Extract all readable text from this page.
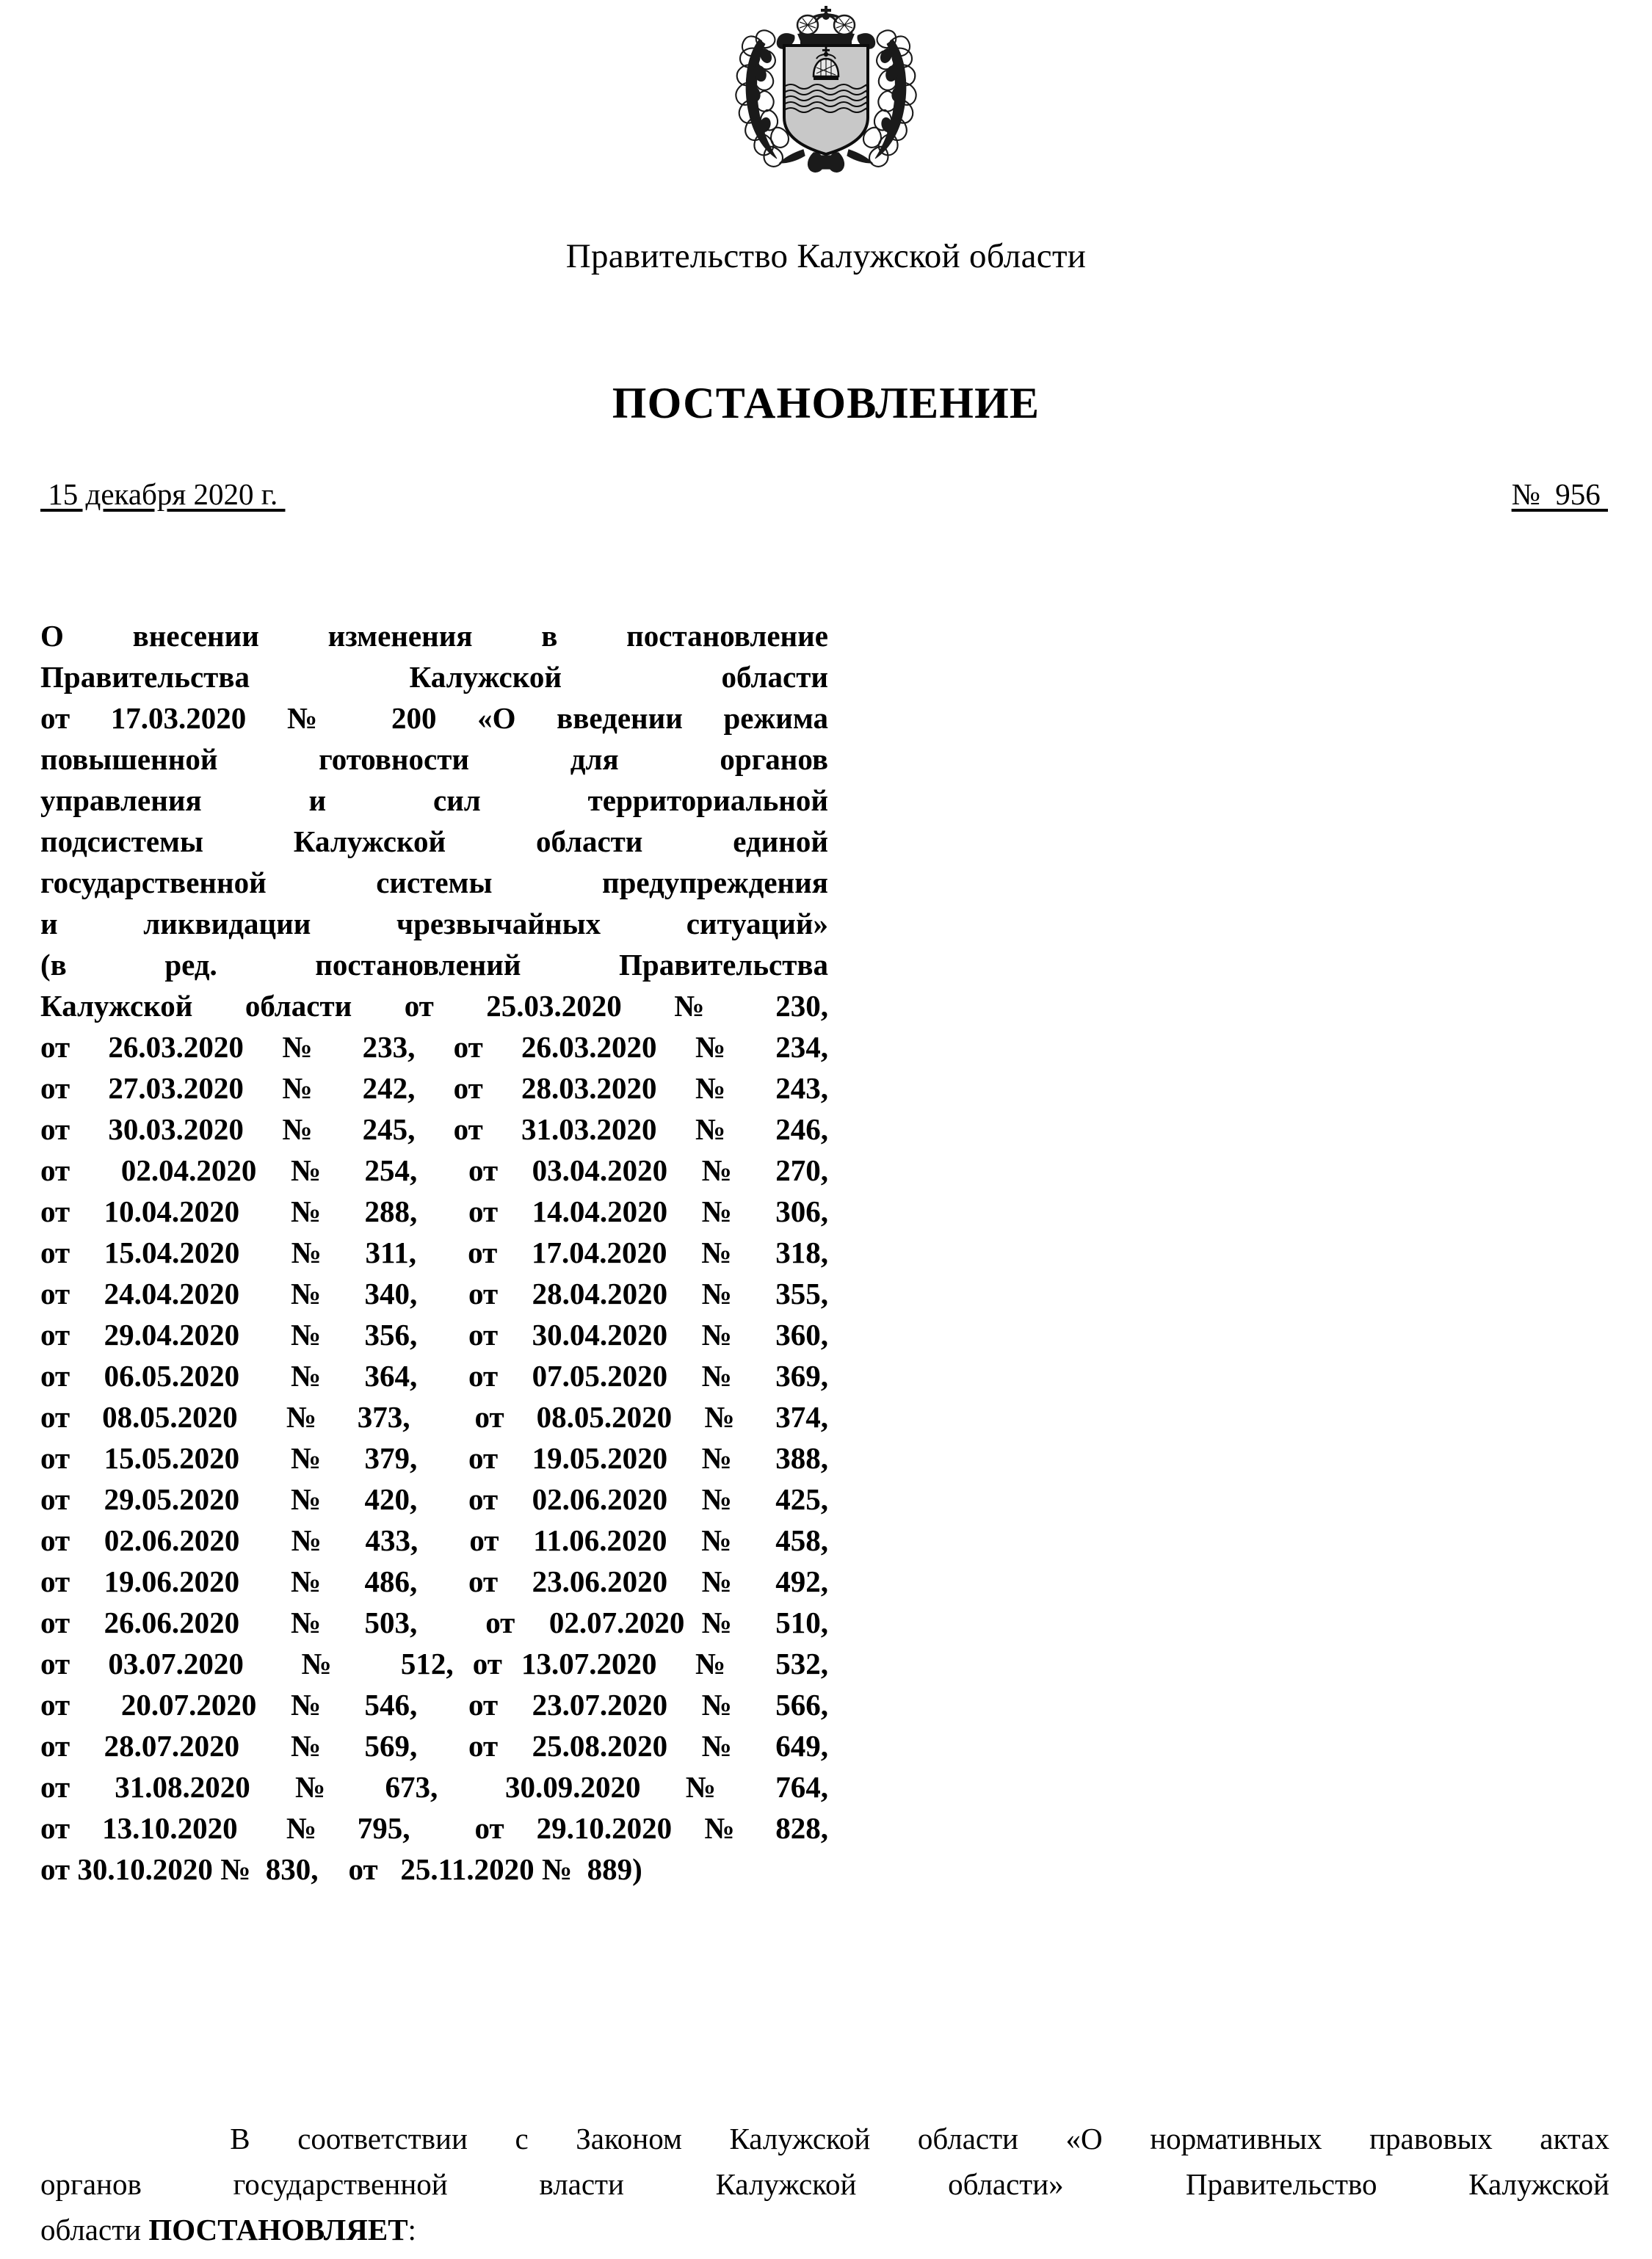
Правительство Калужской области
ПОСТАНОВЛЕНИЕ
15 декабря 2020 г.	№  956
О  внесении  изменения  в  постановление
Правительства        Калужской        области
от 17.03.2020 № 200 «О введении режима
повышенной     готовности     для     органов
управления     и     сил     территориальной
подсистемы   Калужской   области   единой
государственной системы предупреждения
и  ликвидации  чрезвычайных  ситуаций»
(в   ред.   постановлений   Правительства
Калужской  области  от  25.03.2020  №  230,
от  26.03.2020  №  233,  от  26.03.2020  №  234,
от  27.03.2020  №  242,  от  28.03.2020  №  243,
от  30.03.2020  №  245,  от  31.03.2020  №  246,
от   02.04.2020  №  254,   от  03.04.2020  №  270,
от  10.04.2020   №  288,   от  14.04.2020  №  306,
от  15.04.2020   №  311,   от  17.04.2020  №  318,
от  24.04.2020   №  340,   от  28.04.2020  №  355,
от  29.04.2020   №  356,   от  30.04.2020  №  360,
от  06.05.2020   №  364,   от  07.05.2020  №  369,
от  08.05.2020   №  373,    от  08.05.2020  №  374,
от  15.05.2020   №  379,   от  19.05.2020  №  388,
от  29.05.2020   №  420,   от  02.06.2020  №  425,
от  02.06.2020   №  433,   от  11.06.2020  №  458,
от  19.06.2020   №  486,   от  23.06.2020  №  492,
от  26.06.2020   №  503,    от  02.07.2020 №  510,
от  03.07.2020   №   512, от 13.07.2020  №  532,
от   20.07.2020  №  546,   от  23.07.2020  №  566,
от  28.07.2020   №  569,   от  25.08.2020  №  649,
от  31.08.2020  №  673,   30.09.2020  №  764,
от  13.10.2020   №  795,    от  29.10.2020  №  828,
от 30.10.2020 №  830,    от   25.11.2020 №  889)
В  соответствии  с  Законом  Калужской  области  «О  нормативных  правовых  актах
органов   государственной   власти   Калужской   области»    Правительство   Калужской
области ПОСТАНОВЛЯЕТ:
